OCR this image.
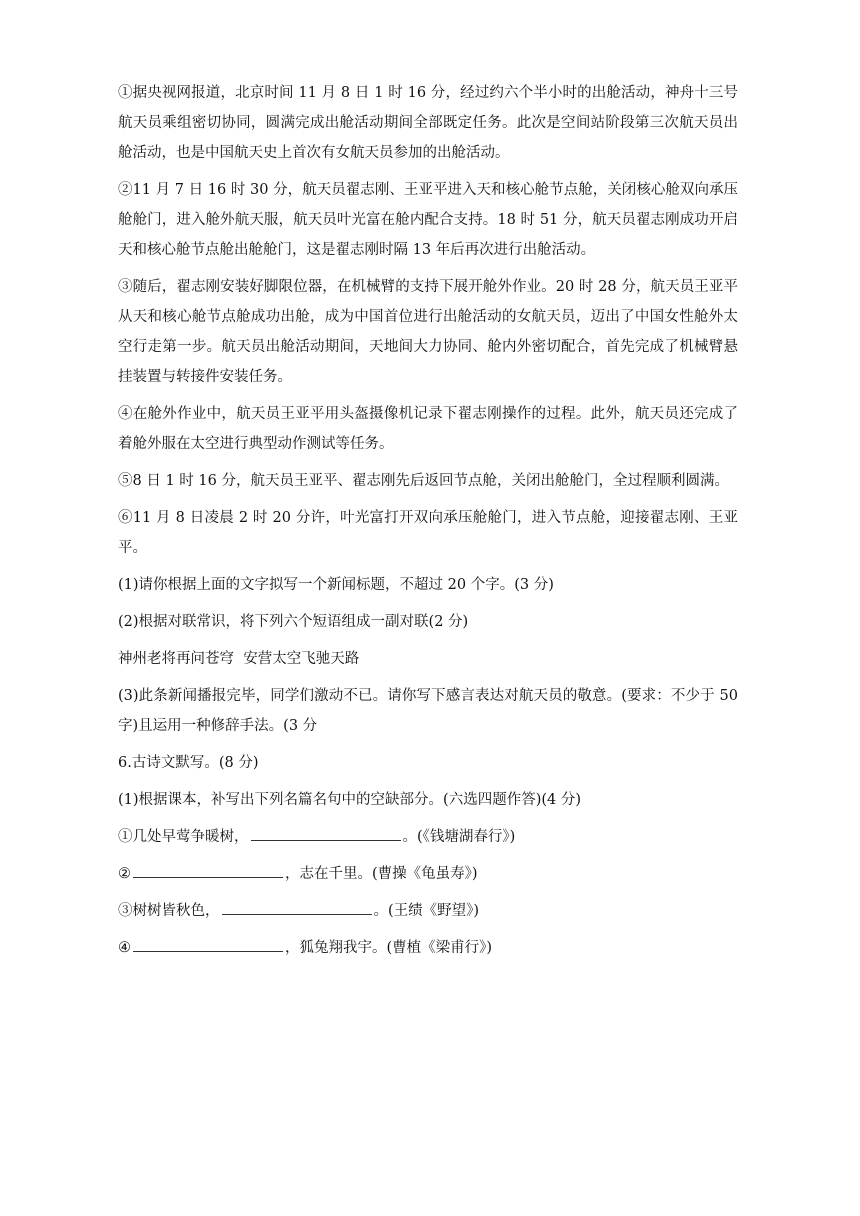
①据央视网报道，北京时间 11 月 8 日 1 时 16 分，经过约六个半小时的出舱活动，神舟十三号航天员乘组密切协同，圆满完成出舱活动期间全部既定任务。此次是空间站阶段第三次航天员出舱活动，也是中国航天史上首次有女航天员参加的出舱活动。

②11 月 7 日 16 时 30 分，航天员翟志刚、王亚平进入天和核心舱节点舱，关闭核心舱双向承压舱舱门，进入舱外航天服，航天员叶光富在舱内配合支持。18 时 51 分，航天员翟志刚成功开启天和核心舱节点舱出舱舱门，这是翟志刚时隔 13 年后再次进行出舱活动。

③随后，翟志刚安装好脚限位器，在机械臂的支持下展开舱外作业。20 时 28 分，航天员王亚平从天和核心舱节点舱成功出舱，成为中国首位进行出舱活动的女航天员，迈出了中国女性舱外太空行走第一步。航天员出舱活动期间，天地间大力协同、舱内外密切配合，首先完成了机械臂悬挂装置与转接件安装任务。

④在舱外作业中，航天员王亚平用头盔摄像机记录下翟志刚操作的过程。此外，航天员还完成了着舱外服在太空进行典型动作测试等任务。

⑤8 日 1 时 16 分，航天员王亚平、翟志刚先后返回节点舱，关闭出舱舱门，全过程顺利圆满。

⑥11 月 8 日凌晨 2 时 20 分许，叶光富打开双向承压舱舱门，进入节点舱，迎接翟志刚、王亚平。

(1)请你根据上面的文字拟写一个新闻标题，不超过 20 个字。(3 分)

(2)根据对联常识，将下列六个短语组成一副对联(2 分)

神州老将再问苍穹  安营太空飞驰天路

(3)此条新闻播报完毕，同学们激动不已。请你写下感言表达对航天员的敬意。(要求：不少于 50 字)且运用一种修辞手法。(3 分

6.古诗文默写。(8 分)

(1)根据课本，补写出下列名篇名句中的空缺部分。(六选四题作答)(4 分)

①几处早莺争暖树，	。(《钱塘湖春行》)

②	，志在千里。(曹操《龟虽寿》)

③树树皆秋色，	。(王绩《野望》)

④	，狐兔翔我宇。(曹植《梁甫行》)
